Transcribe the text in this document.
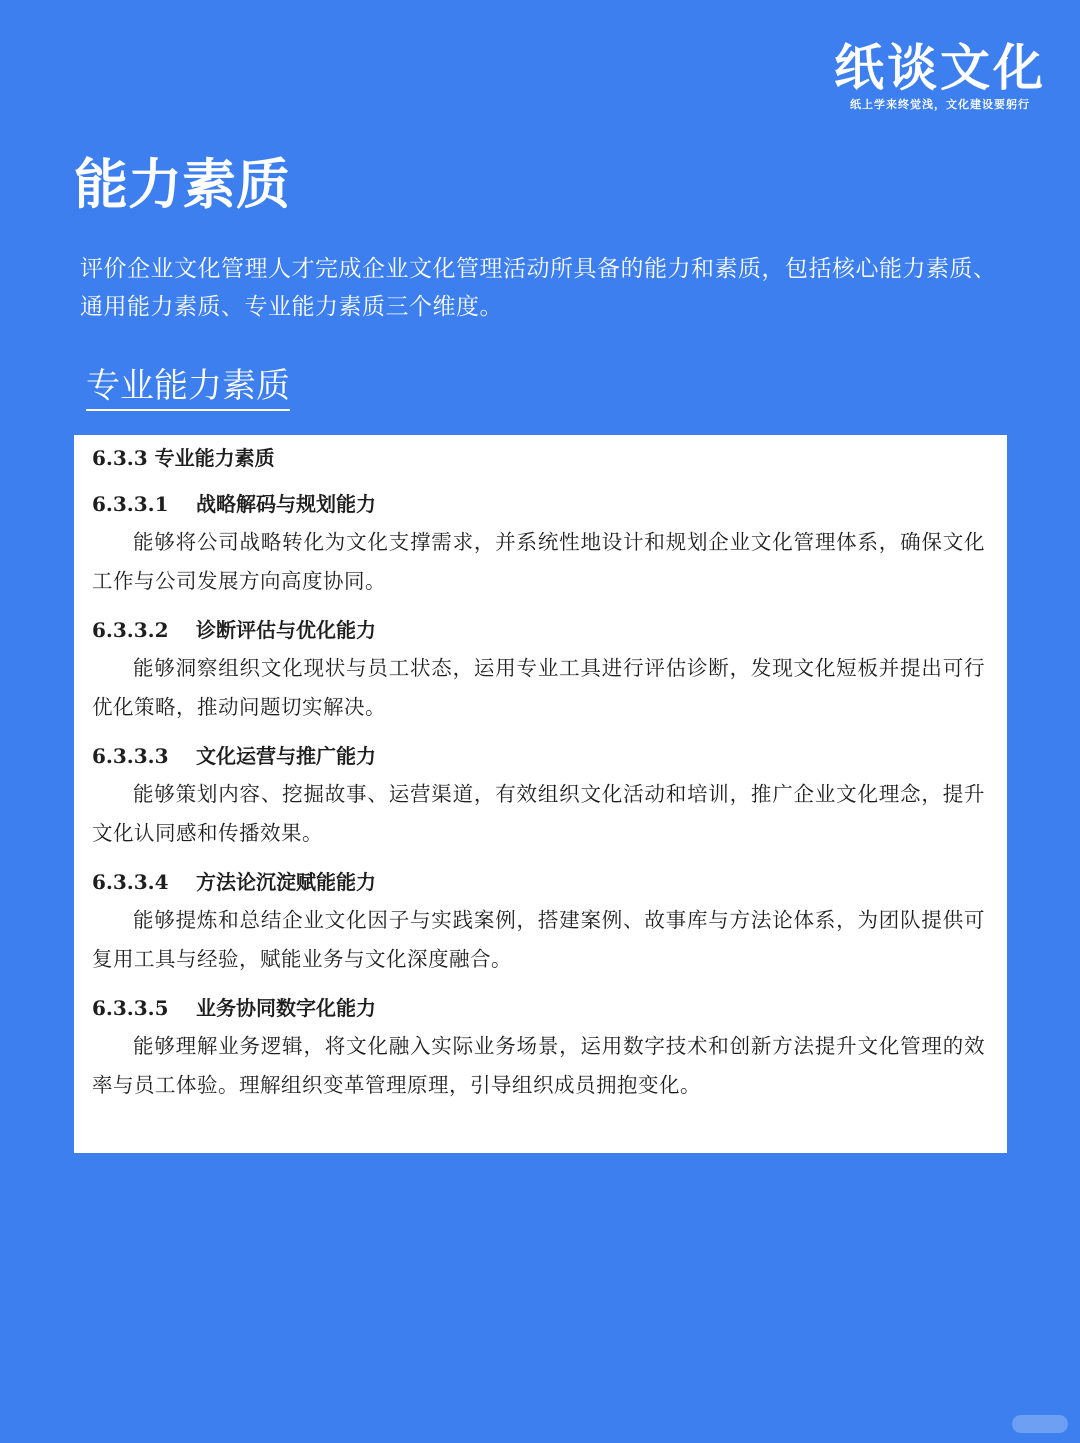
纸谈文化
纸上学来终觉浅，文化建设要躬行
能力素质

评价企业文化管理人才完成企业文化管理活动所具备的能力和素质，包括核心能力素质、通用能力素质、专业能力素质三个维度。

专业能力素质
6.3.3 专业能力素质
6.3.3.1 战略解码与规划能力

能够将公司战略转化为文化支撑需求，并系统性地设计和规划企业文化管理体系，确保文化工作与公司发展方向高度协同。

6.3.3.2 诊断评估与优化能力

能够洞察组织文化现状与员工状态，运用专业工具进行评估诊断，发现文化短板并提出可行优化策略，推动问题切实解决。

6.3.3.3 文化运营与推广能力

能够策划内容、挖掘故事、运营渠道，有效组织文化活动和培训，推广企业文化理念，提升文化认同感和传播效果。

6.3.3.4 方法论沉淀赋能能力

能够提炼和总结企业文化因子与实践案例，搭建案例、故事库与方法论体系，为团队提供可复用工具与经验，赋能业务与文化深度融合。

6.3.3.5 业务协同数字化能力

能够理解业务逻辑，将文化融入实际业务场景，运用数字技术和创新方法提升文化管理的效率与员工体验。理解组织变革管理原理，引导组织成员拥抱变化。
